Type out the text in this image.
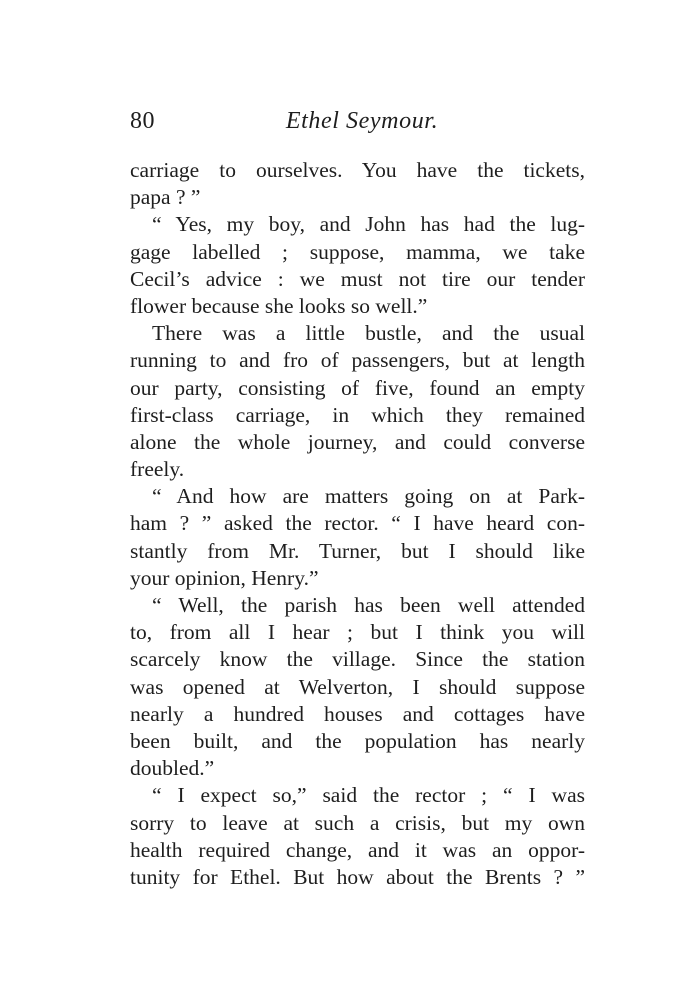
80	Ethel Seymour.
carriage to ourselves. You have the tickets,
papa ? ”
“ Yes, my boy, and John has had the lug-
gage labelled ; suppose, mamma, we take
Cecil’s advice : we must not tire our tender
flower because she looks so well.”
There was a little bustle, and the usual
running to and fro of passengers, but at length
our party, consisting of five, found an empty
first-class carriage, in which they remained
alone the whole journey, and could converse
freely.
“ And how are matters going on at Park-
ham ? ” asked the rector. “ I have heard con-
stantly from Mr. Turner, but I should like
your opinion, Henry.”
“ Well, the parish has been well attended
to, from all I hear ; but I think you will
scarcely know the village. Since the station
was opened at Welverton, I should suppose
nearly a hundred houses and cottages have
been built, and the population has nearly
doubled.”
“ I expect so,” said the rector ; “ I was
sorry to leave at such a crisis, but my own
health required change, and it was an oppor-
tunity for Ethel. But how about the Brents ? ”
